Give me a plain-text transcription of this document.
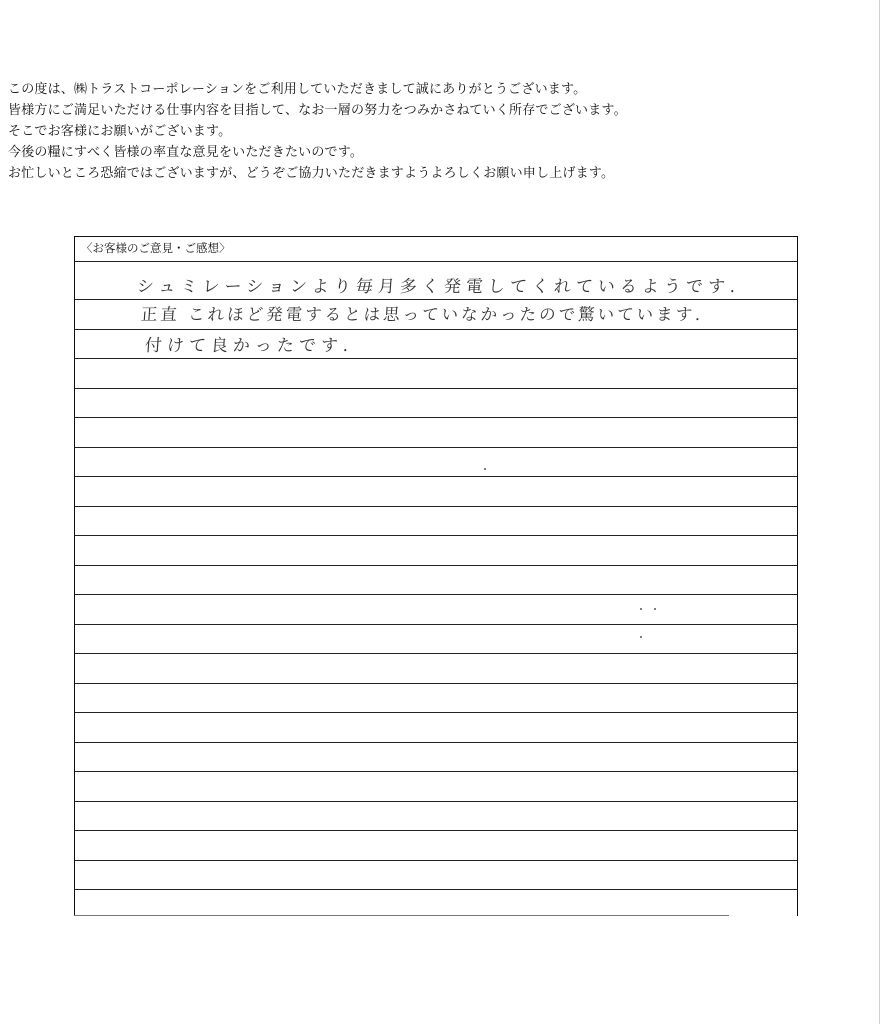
この度は、㈱トラストコーポレーションをご利用していただきまして誠にありがとうございます。
皆様方にご満足いただける仕事内容を目指して、なお一層の努力をつみかさねていく所存でございます。
そこでお客様にお願いがございます。
今後の糧にすべく皆様の率直な意見をいただきたいのです。
お忙しいところ恐縮ではございますが、どうぞご協力いただきますようよろしくお願い申し上げます。
〈お客様のご意見・ご感想〉
シュミレーションより毎月多く発電してくれているようです.
正直 これほど発電するとは思っていなかったので驚いています.
付けて良かったです.
